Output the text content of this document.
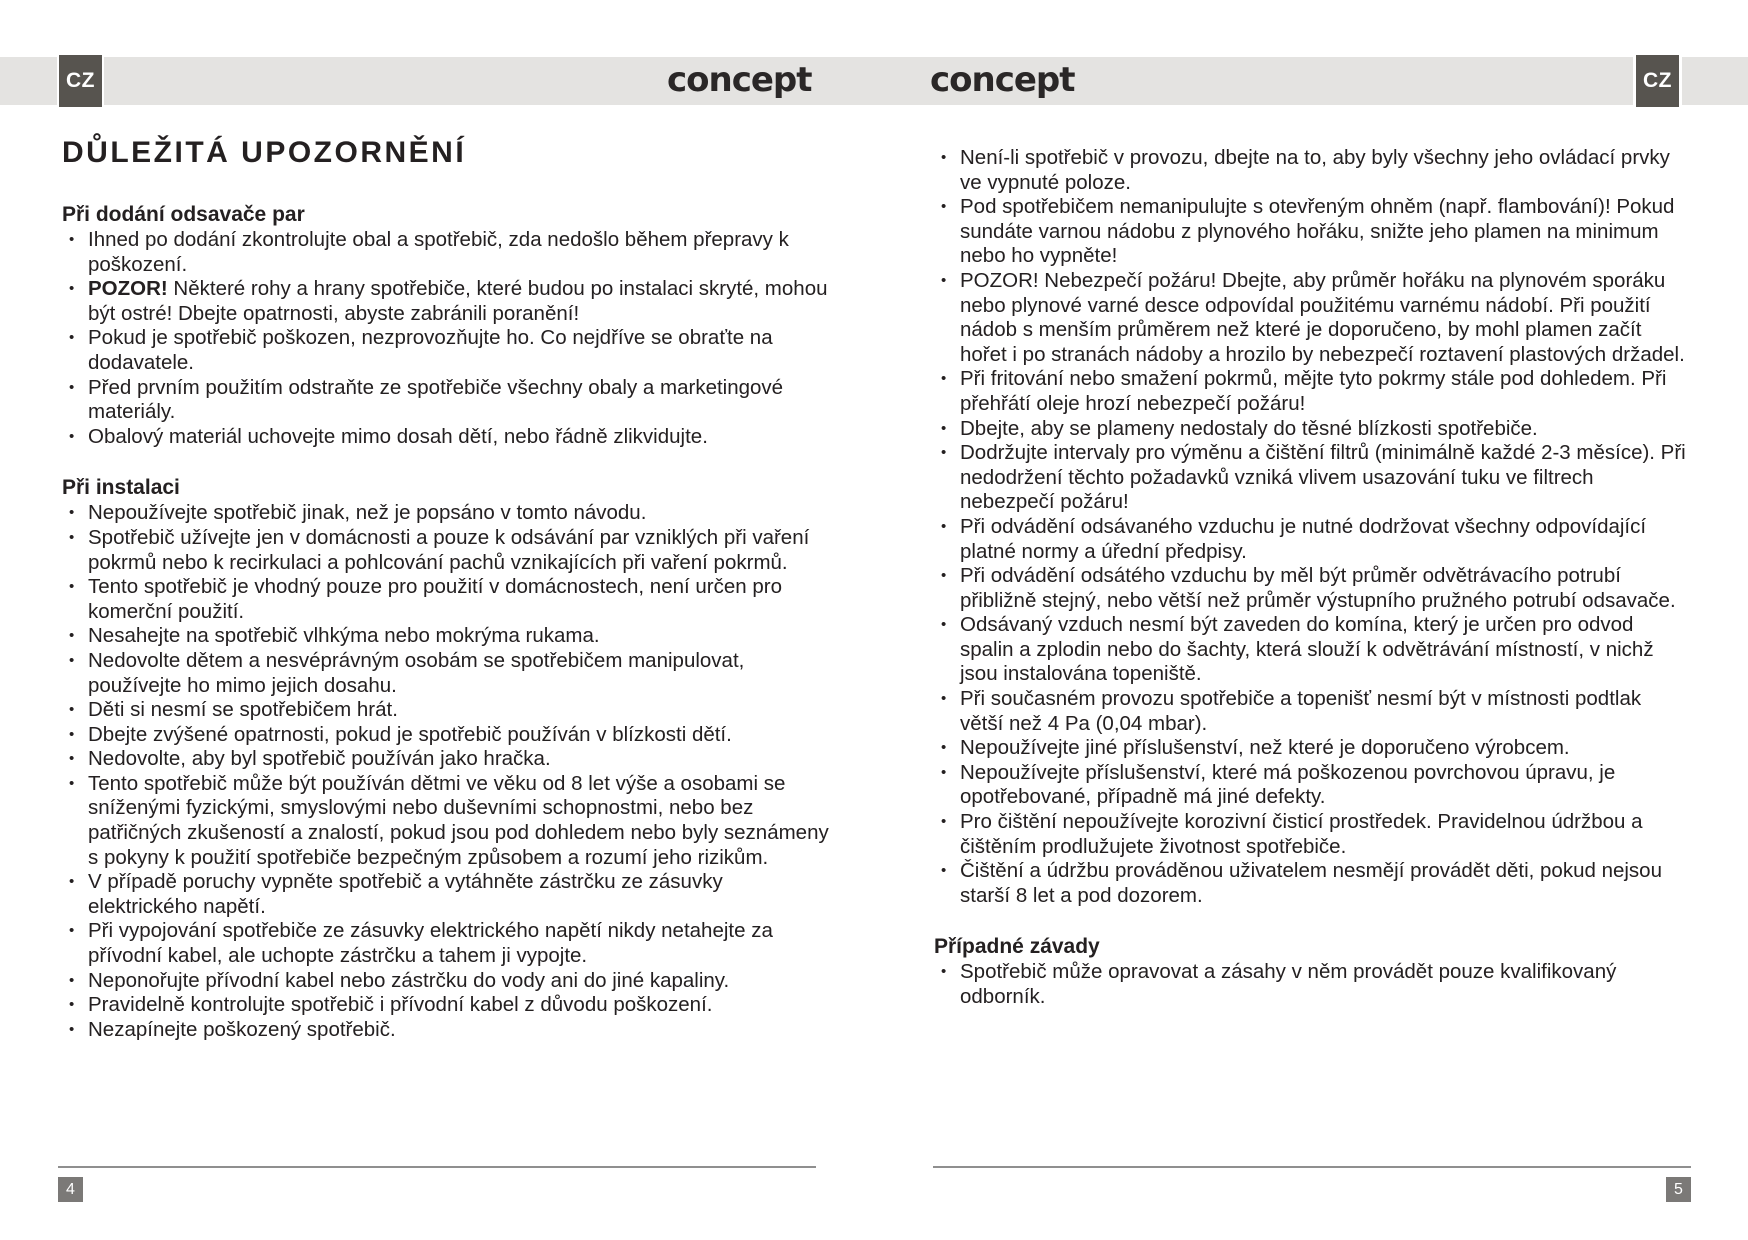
CZ	concept	concept	CZ
DŮLEŽITÁ UPOZORNĚNÍ
Při dodání odsavače par
• Ihned po dodání zkontrolujte obal a spotřebič, zda nedošlo během přepravy k poškození.
• POZOR! Některé rohy a hrany spotřebiče, které budou po instalaci skryté, mohou být ostré! Dbejte opatrnosti, abyste zabránili poranění!
• Pokud je spotřebič poškozen, nezprovozňujte ho. Co nejdříve se obraťte na dodavatele.
• Před prvním použitím odstraňte ze spotřebiče všechny obaly a marketingové materiály.
• Obalový materiál uchovejte mimo dosah dětí, nebo řádně zlikvidujte.
Při instalaci
• Nepoužívejte spotřebič jinak, než je popsáno v tomto návodu.
• Spotřebič užívejte jen v domácnosti a pouze k odsávání par vzniklých při vaření pokrmů nebo k recirkulaci a pohlcování pachů vznikajících při vaření pokrmů.
• Tento spotřebič je vhodný pouze pro použití v domácnostech, není určen pro komerční použití.
• Nesahejte na spotřebič vlhkýma nebo mokrýma rukama.
• Nedovolte dětem a nesvéprávným osobám se spotřebičem manipulovat, používejte ho mimo jejich dosahu.
• Děti si nesmí se spotřebičem hrát.
• Dbejte zvýšené opatrnosti, pokud je spotřebič používán v blízkosti dětí.
• Nedovolte, aby byl spotřebič používán jako hračka.
• Tento spotřebič může být používán dětmi ve věku od 8 let výše a osobami se sníženými fyzickými, smyslovými nebo duševními schopnostmi, nebo bez patřičných zkušeností a znalostí, pokud jsou pod dohledem nebo byly seznámeny s pokyny k použití spotřebiče bezpečným způsobem a rozumí jeho rizikům.
• V případě poruchy vypněte spotřebič a vytáhněte zástrčku ze zásuvky elektrického napětí.
• Při vypojování spotřebiče ze zásuvky elektrického napětí nikdy netahejte za přívodní kabel, ale uchopte zástrčku a tahem ji vypojte.
• Neponořujte přívodní kabel nebo zástrčku do vody ani do jiné kapaliny.
• Pravidelně kontrolujte spotřebič i přívodní kabel z důvodu poškození.
• Nezapínejte poškozený spotřebič.
• Není-li spotřebič v provozu, dbejte na to, aby byly všechny jeho ovládací prvky ve vypnuté poloze.
• Pod spotřebičem nemanipulujte s otevřeným ohněm (např. flambování)! Pokud sundáte varnou nádobu z plynového hořáku, snižte jeho plamen na minimum nebo ho vypněte!
• POZOR! Nebezpečí požáru! Dbejte, aby průměr hořáku na plynovém sporáku nebo plynové varné desce odpovídal použitému varnému nádobí. Při použití nádob s menším průměrem než které je doporučeno, by mohl plamen začít hořet i po stranách nádoby a hrozilo by nebezpečí roztavení plastových držadel.
• Při fritování nebo smažení pokrmů, mějte tyto pokrmy stále pod dohledem. Při přehřátí oleje hrozí nebezpečí požáru!
• Dbejte, aby se plameny nedostaly do těsné blízkosti spotřebiče.
• Dodržujte intervaly pro výměnu a čištění filtrů (minimálně každé 2-3 měsíce). Při nedodržení těchto požadavků vzniká vlivem usazování tuku ve filtrech nebezpečí požáru!
• Při odvádění odsávaného vzduchu je nutné dodržovat všechny odpovídající platné normy a úřední předpisy.
• Při odvádění odsátého vzduchu by měl být průměr odvětrávacího potrubí přibližně stejný, nebo větší než průměr výstupního pružného potrubí odsavače.
• Odsávaný vzduch nesmí být zaveden do komína, který je určen pro odvod spalin a zplodin nebo do šachty, která slouží k odvětrávání místností, v nichž jsou instalována topeniště.
• Při současném provozu spotřebiče a topenišť nesmí být v místnosti podtlak větší než 4 Pa (0,04 mbar).
• Nepoužívejte jiné příslušenství, než které je doporučeno výrobcem.
• Nepoužívejte příslušenství, které má poškozenou povrchovou úpravu, je opotřebované, případně má jiné defekty.
• Pro čištění nepoužívejte korozivní čisticí prostředek. Pravidelnou údržbou a čištěním prodlužujete životnost spotřebiče.
• Čištění a údržbu prováděnou uživatelem nesmějí provádět děti, pokud nejsou starší 8 let a pod dozorem.
Případné závady
• Spotřebič může opravovat a zásahy v něm provádět pouze kvalifikovaný odborník.
4	5
